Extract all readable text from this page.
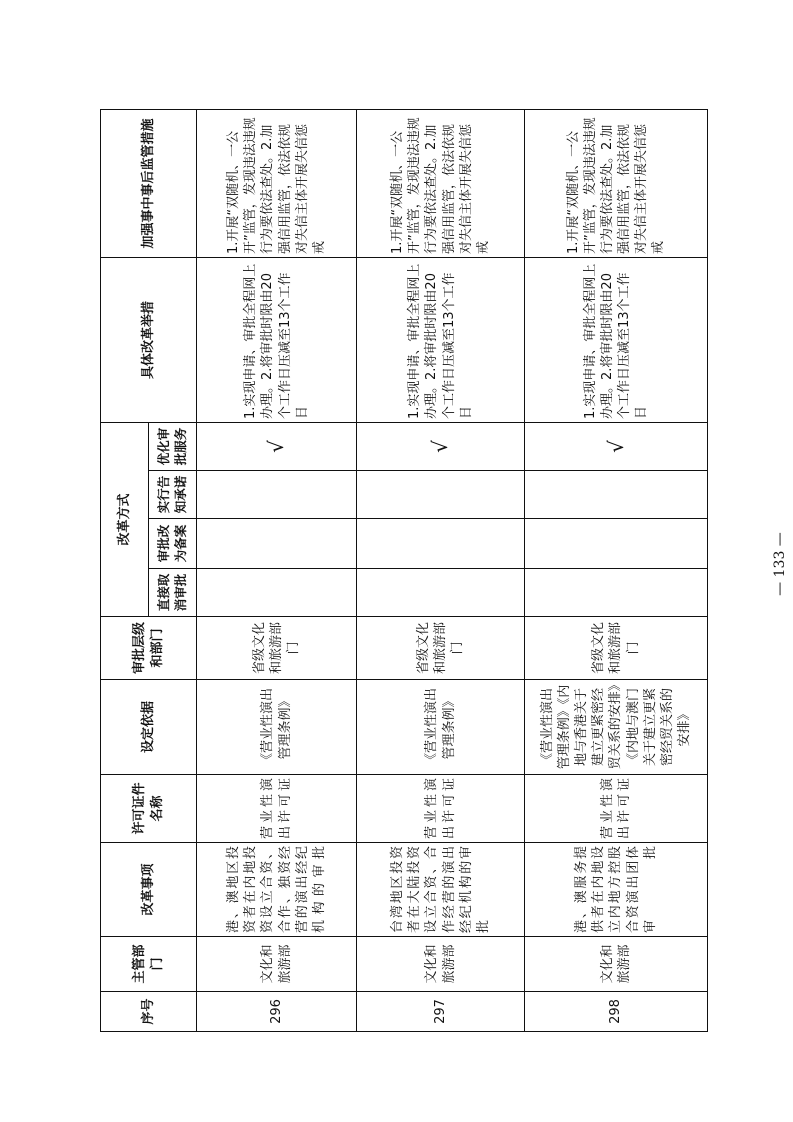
序号	主管部门	改革事项	许可证件名称	设定依据	审批层级和部门	改革方式				具体改革举措	加强事中事后监管措施
						直接取消审批	审批改为备案	实行告知承诺	优化审批服务		
296	文化和旅游部	港、澳地区投资者在内地投资设立合资、合作、独资经营的演出经纪机构的审批	营业性演出许可证	《营业性演出管理条例》	省级文化和旅游部门				√	1.实现申请、审批全程网上办理。2.将审批时限由20个工作日压减至13个工作日	1.开展“双随机、一公开”监管，发现违法违规行为要依法查处。2.加强信用监管，依法依规对失信主体开展失信惩戒
297	文化和旅游部	台湾地区投资者在大陆投资设立合资、合作经营的演出经纪机构的审批	营业性演出许可证	《营业性演出管理条例》	省级文化和旅游部门				√	1.实现申请、审批全程网上办理。2.将审批时限由20个工作日压减至13个工作日	1.开展“双随机、一公开”监管，发现违法违规行为要依法查处。2.加强信用监管，依法依规对失信主体开展失信惩戒
298	文化和旅游部	港、澳服务提供者在内地设立内地方控股合资演出团体审批	营业性演出许可证	《营业性演出管理条例》《内地与香港关于建立更紧密经贸关系的安排》《内地与澳门关于建立更紧密经贸关系的安排》	省级文化和旅游部门				√	1.实现申请、审批全程网上办理。2.将审批时限由20个工作日压减至13个工作日	1.开展“双随机、一公开”监管，发现违法违规行为要依法查处。2.加强信用监管，依法依规对失信主体开展失信惩戒
— 133 —
